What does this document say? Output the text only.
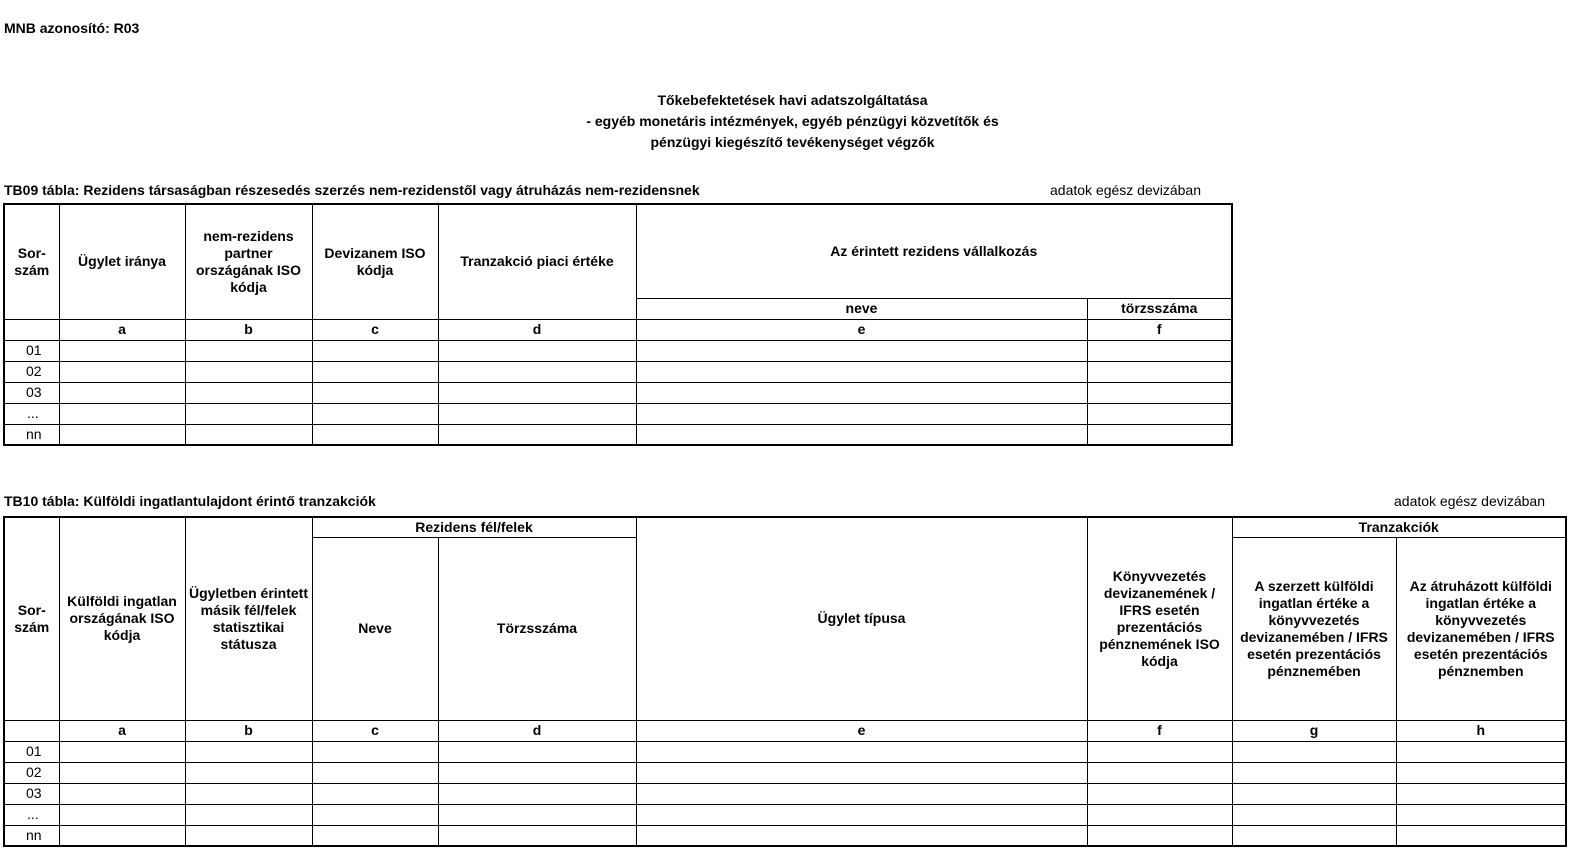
MNB azonosító: R03
Tőkebefektetések havi adatszolgáltatása
- egyéb monetáris intézmények, egyéb pénzügyi közvetítők és
pénzügyi kiegészítő tevékenységet végzők
TB09 tábla: Rezidens társaságban részesedés szerzés nem-rezidenstől vagy átruházás nem-rezidensnek	adatok egész devizában
Sor-szám	Ügylet iránya	nem-rezidens partner országának ISO kódja	Devizanem ISO kódja	Tranzakció piaci értéke	Az érintett rezidens vállalkozás	
					neve	törzsszáma
	a	b	c	d	e	f
01						
02						
03						
...						
nn						
TB10 tábla: Külföldi ingatlantulajdont érintő tranzakciók	adatok egész devizában
Sor-szám	Külföldi ingatlan országának ISO kódja	Ügyletben érintett másik fél/felek statisztikai státusza	Rezidens fél/felek		Ügylet típusa	Könyvvezetés devizanemének / IFRS esetén prezentációs pénznemének ISO kódja	Tranzakciók	
			Neve	Törzsszáma			A szerzett külföldi ingatlan értéke a könyvvezetés devizanemében / IFRS esetén prezentációs pénznemében	Az átruházott külföldi ingatlan értéke a könyvvezetés devizanemében / IFRS esetén prezentációs pénznemben
	a	b	c	d	e	f	g	h
01								
02								
03								
...								
nn								
